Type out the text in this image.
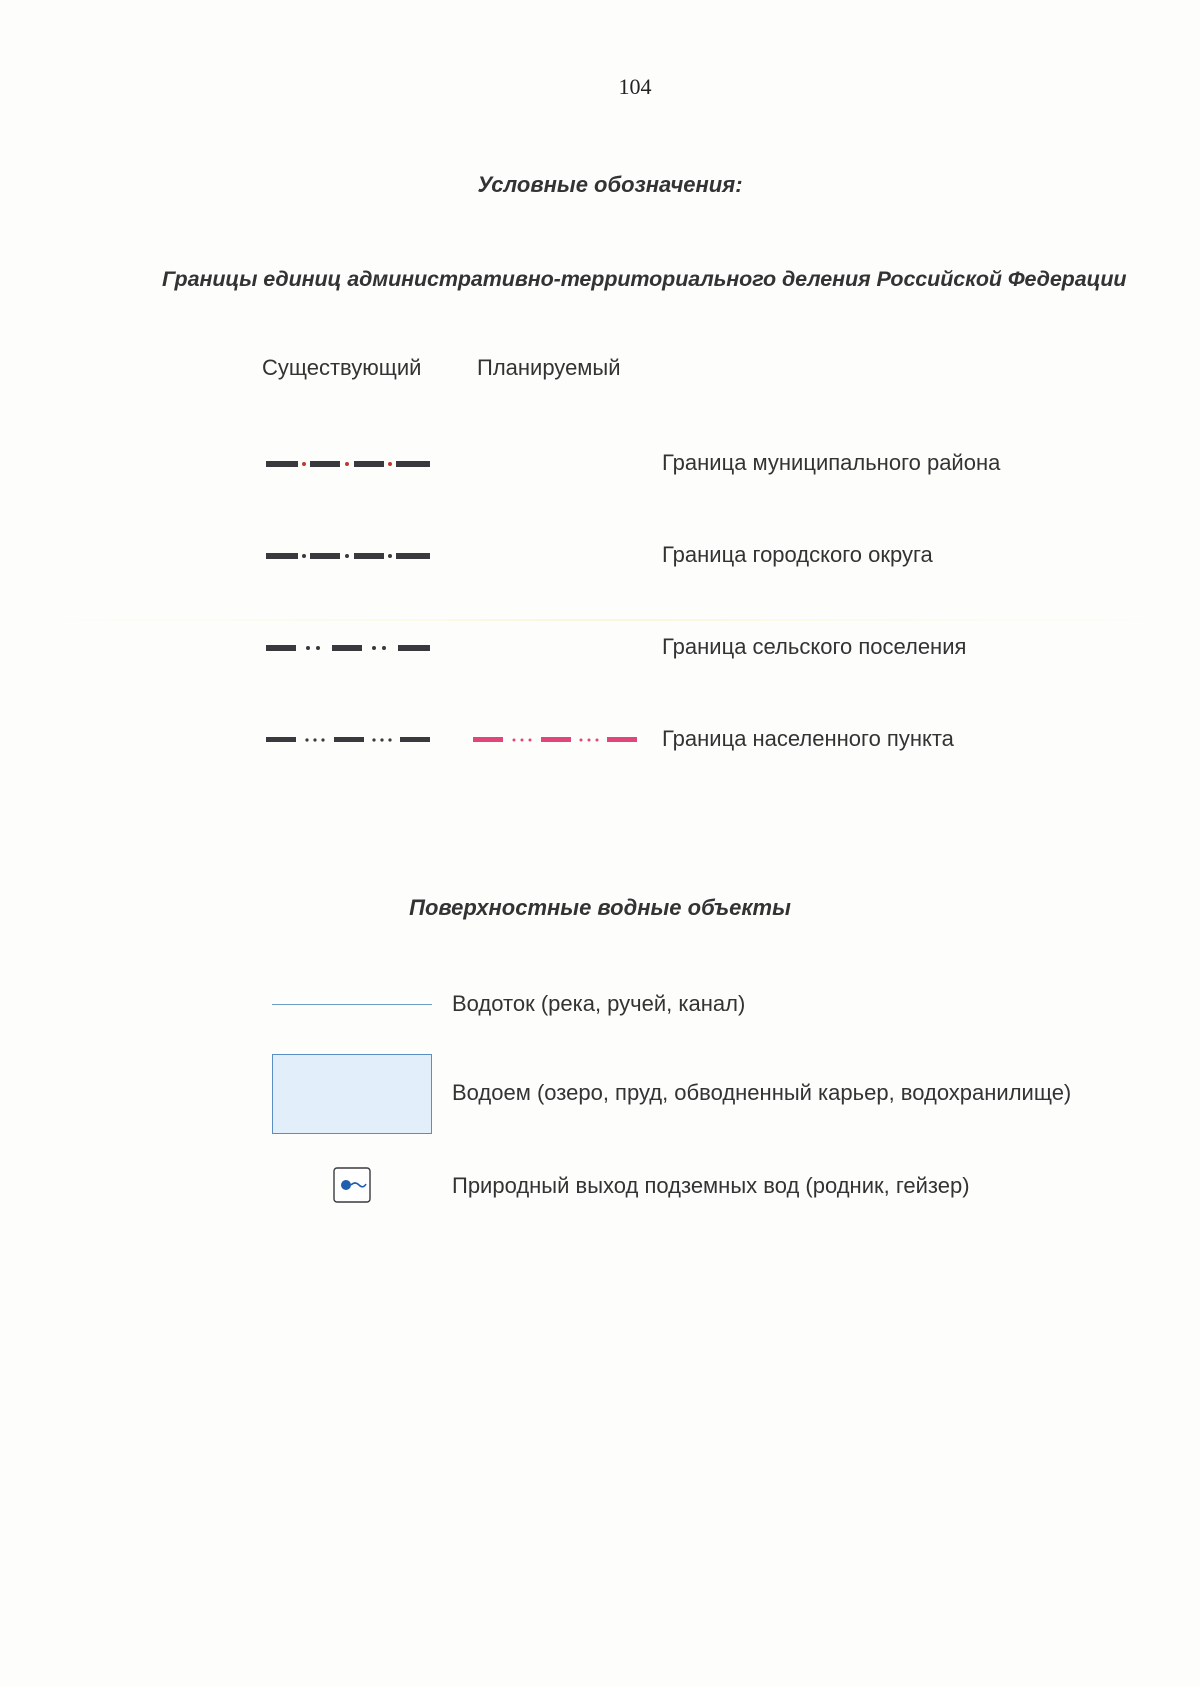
104
Условные обозначения:
Границы единиц административно-территориального деления Российской Федерации
Существующий	Планируемый
Граница муниципального района
Граница городского округа
Граница сельского поселения
Граница населенного пункта
Поверхностные водные объекты
Водоток (река, ручей, канал)
Водоем (озеро, пруд, обводненный карьер, водохранилище)
Природный выход подземных вод (родник, гейзер)
